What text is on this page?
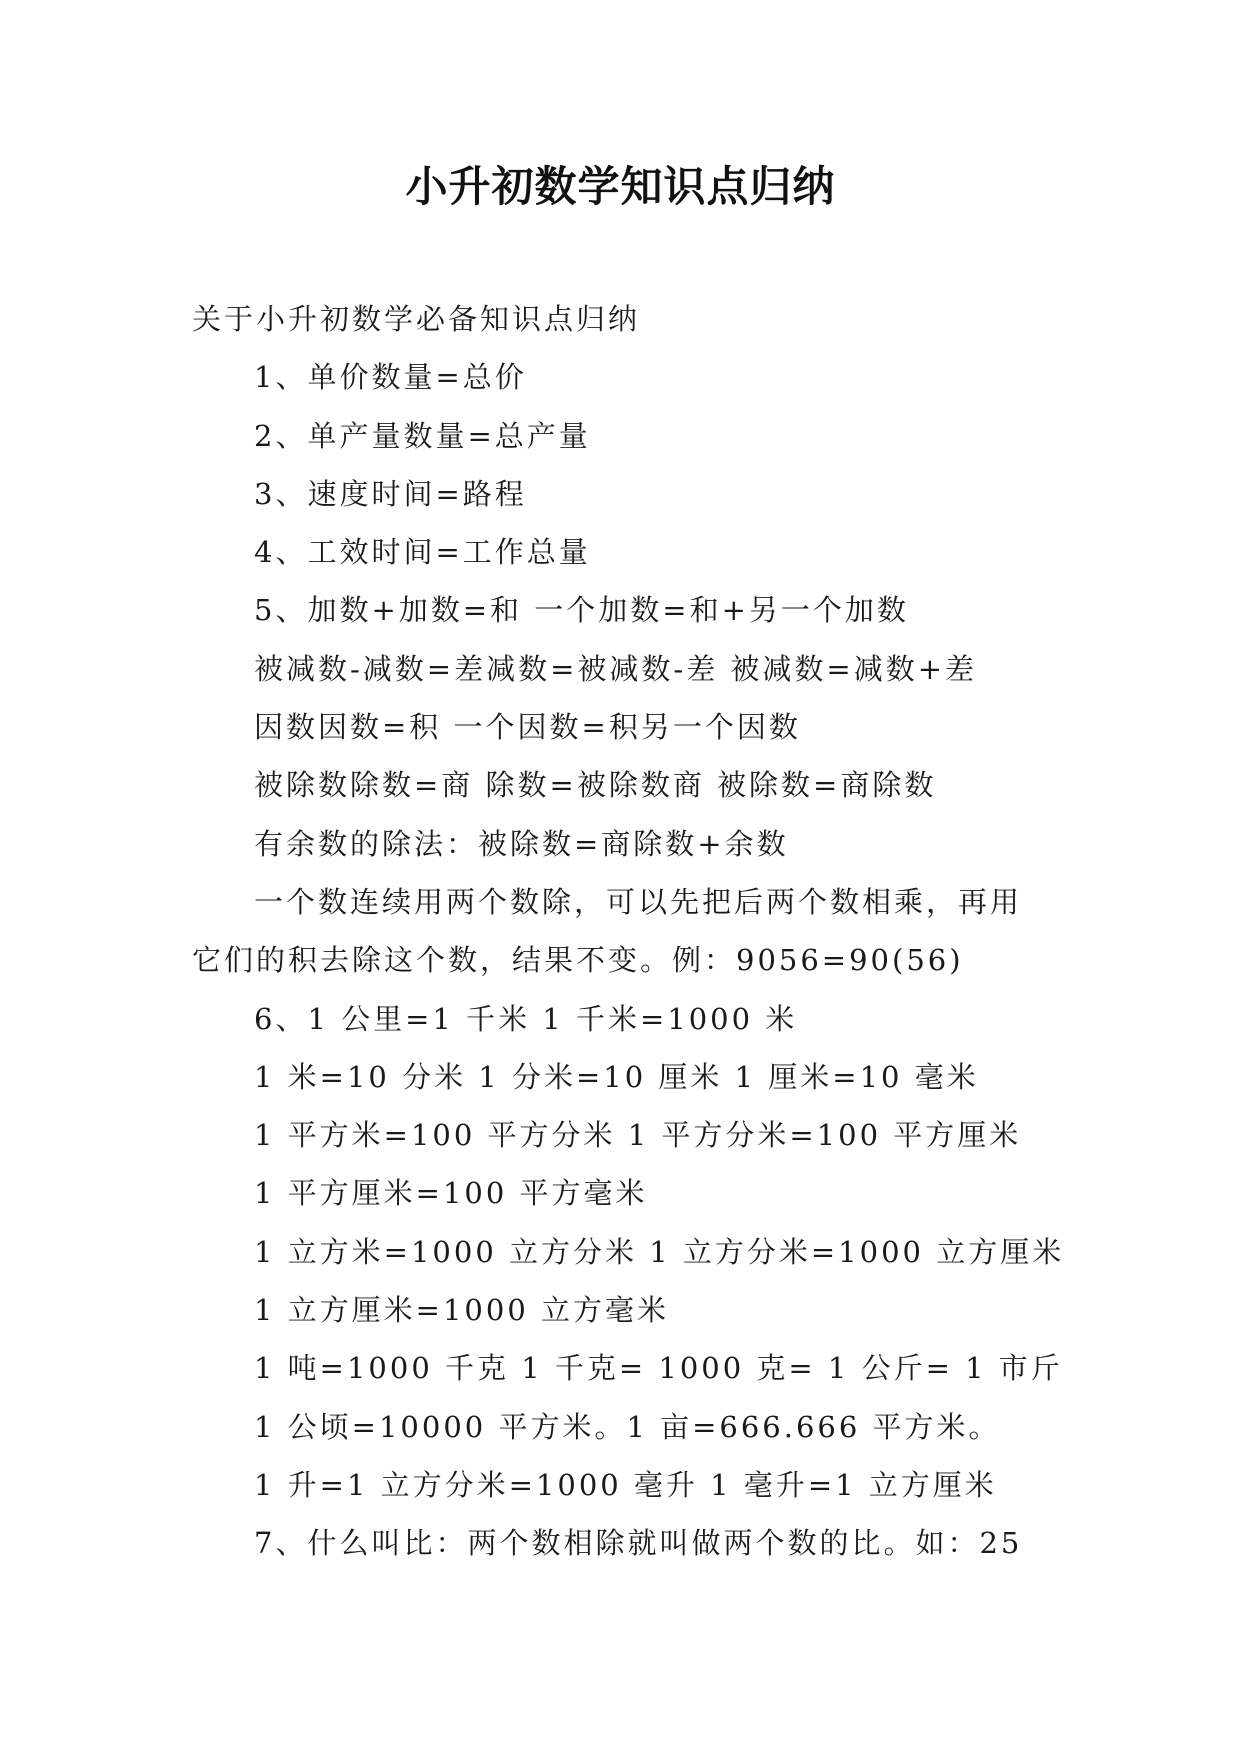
小升初数学知识点归纳
关于小升初数学必备知识点归纳
1、单价数量=总价
2、单产量数量=总产量
3、速度时间=路程
4、工效时间=工作总量
5、加数+加数=和 一个加数=和+另一个加数
被减数-减数=差减数=被减数-差 被减数=减数+差
因数因数=积 一个因数=积另一个因数
被除数除数=商 除数=被除数商 被除数=商除数
有余数的除法：被除数=商除数+余数
一个数连续用两个数除，可以先把后两个数相乘，再用
它们的积去除这个数，结果不变。例：9056=90(56)
6、1 公里=1 千米 1 千米=1000 米
1 米=10 分米 1 分米=10 厘米 1 厘米=10 毫米
1 平方米=100 平方分米 1 平方分米=100 平方厘米
1 平方厘米=100 平方毫米
1 立方米=1000 立方分米 1 立方分米=1000 立方厘米
1 立方厘米=1000 立方毫米
1 吨=1000 千克 1 千克= 1000 克= 1 公斤= 1 市斤
1 公顷=10000 平方米。1 亩=666.666 平方米。
1 升=1 立方分米=1000 毫升 1 毫升=1 立方厘米
7、什么叫比：两个数相除就叫做两个数的比。如：25
